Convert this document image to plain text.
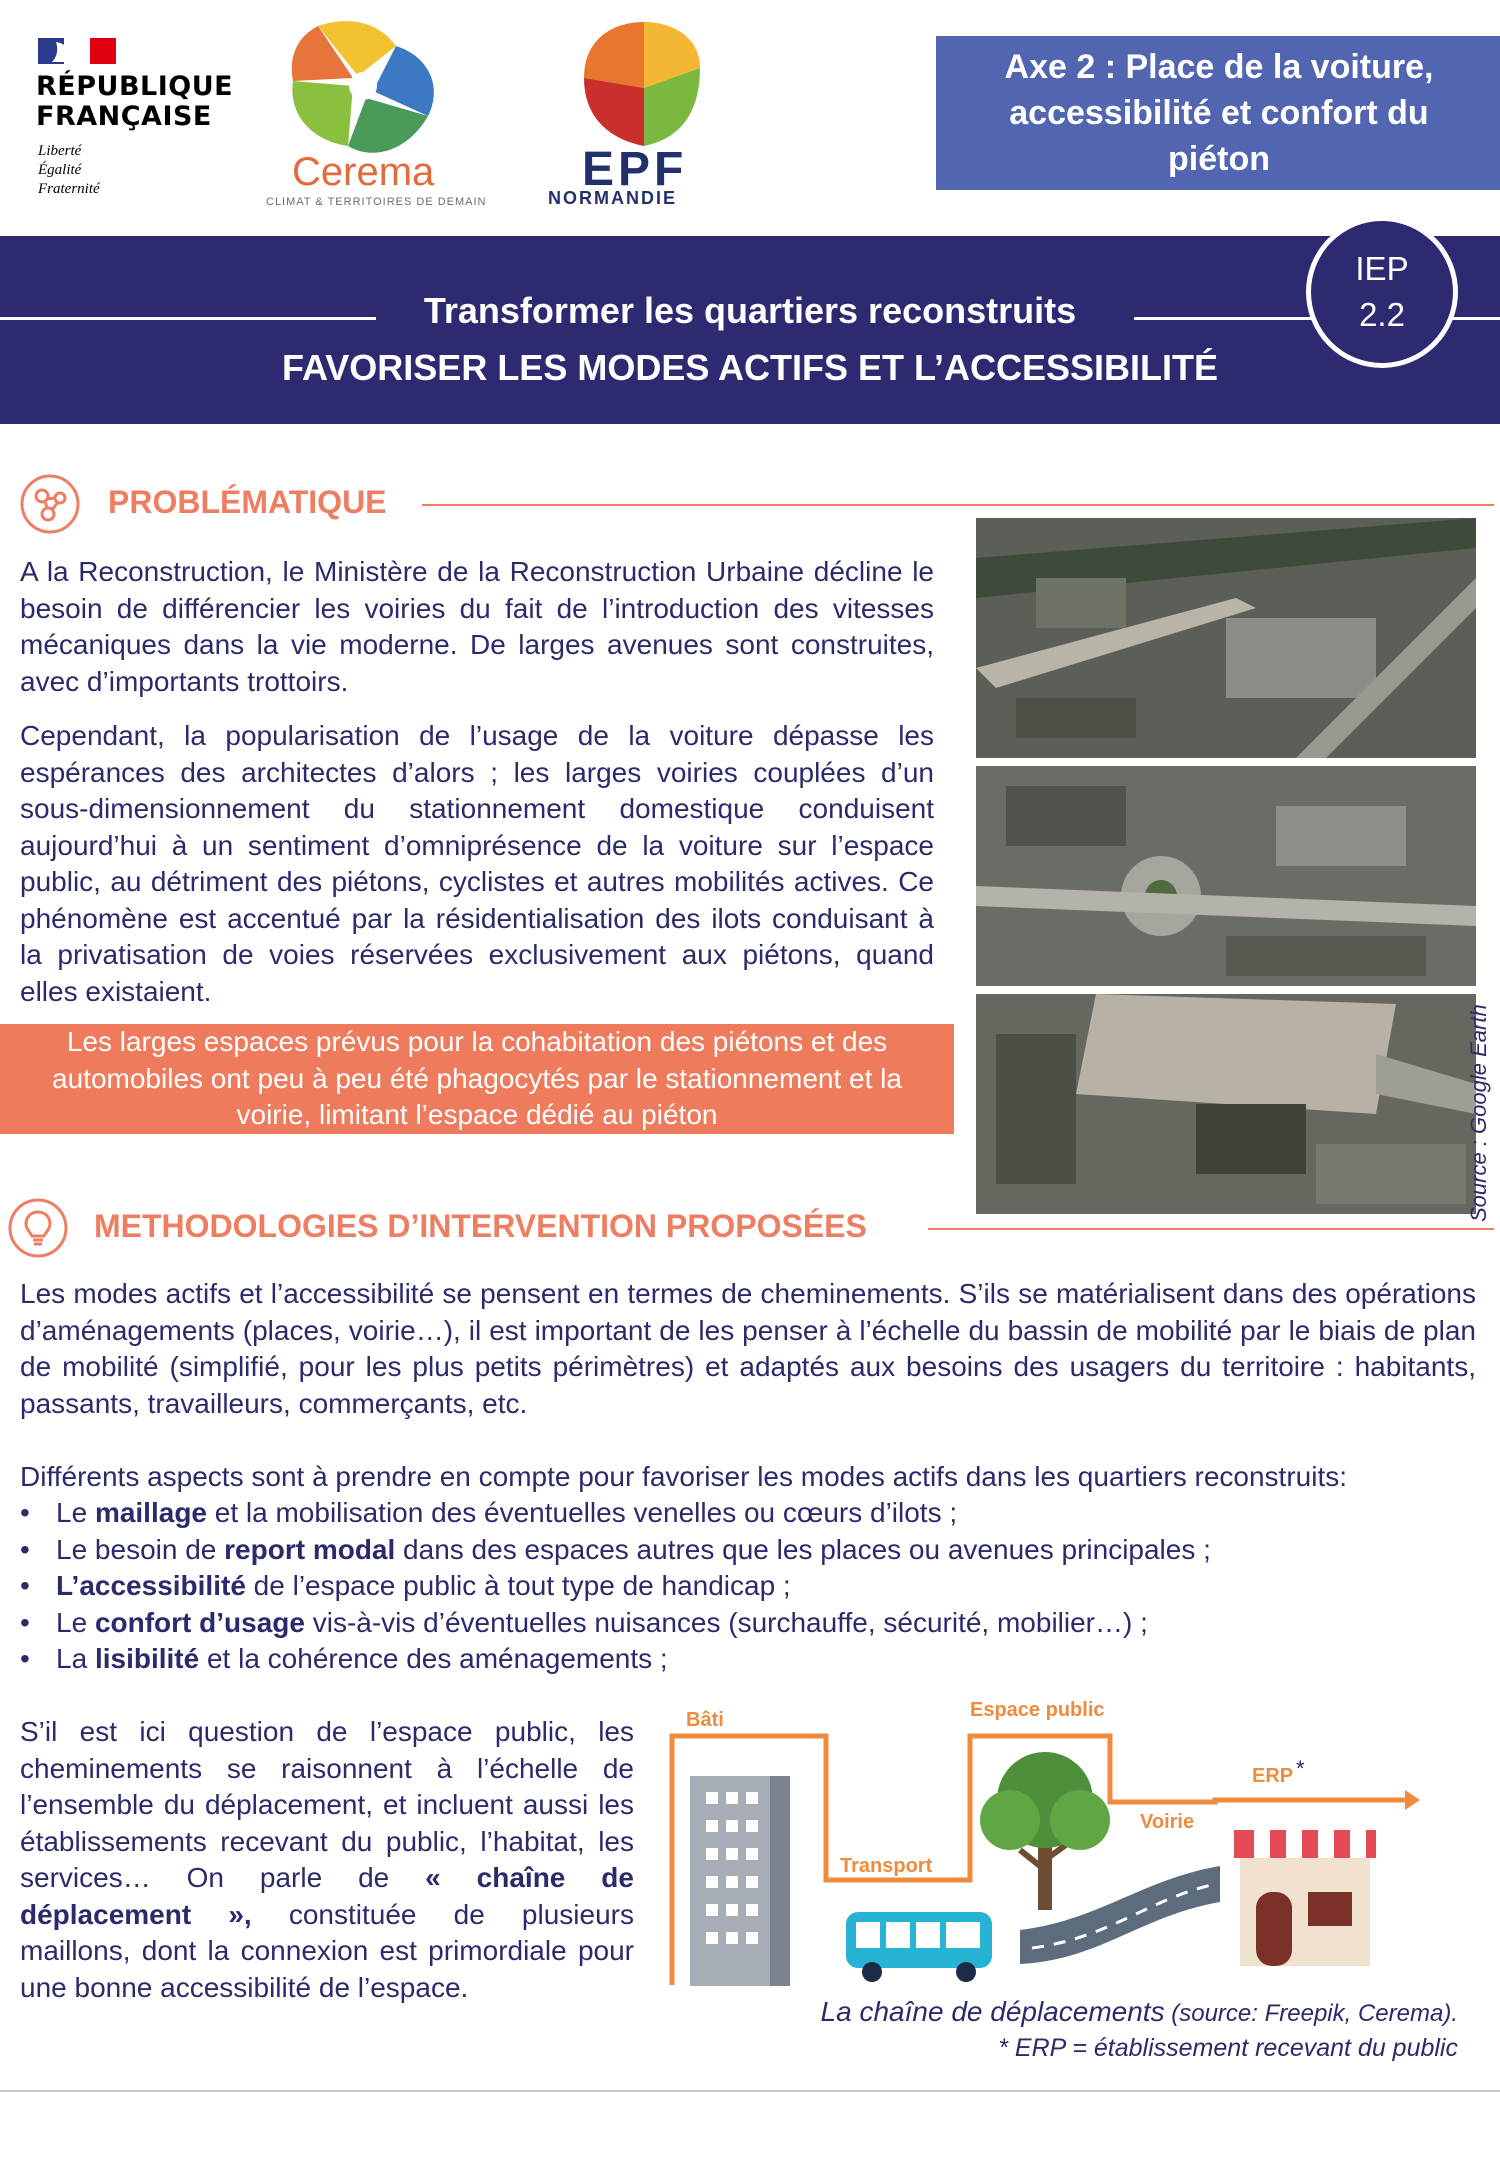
RÉPUBLIQUE
FRANÇAISE
Liberté
Égalité
Fraternité	Cerema
CLIMAT & TERRITOIRES DE DEMAIN
EPF
NORMANDIE
Axe 2 : Place de la voiture,
accessibilité et confort du
piéton
Transformer les quartiers reconstruits
FAVORISER LES MODES ACTIFS ET L’ACCESSIBILITÉ
IEP
2.2
PROBLÉMATIQUE
A la Reconstruction, le Ministère de la Reconstruction Urbaine décline le besoin de différencier les voiries du fait de l’introduction des vitesses mécaniques dans la vie moderne. De larges avenues sont construites, avec d’importants trottoirs.
Cependant, la popularisation de l’usage de la voiture dépasse les espérances des architectes d’alors ; les larges voiries couplées d’un sous-dimensionnement du stationnement domestique conduisent aujourd’hui à un sentiment d’omniprésence de la voiture sur l’espace public, au détriment des piétons, cyclistes et autres mobilités actives. Ce phénomène est accentué par la résidentialisation des ilots conduisant à la privatisation de voies réservées exclusivement aux piétons, quand elles existaient.
Les larges espaces prévus pour la cohabitation des piétons et des automobiles ont peu à peu été phagocytés par le stationnement et la voirie, limitant l’espace dédié au piéton	Source : Google Earth
METHODOLOGIES D’INTERVENTION PROPOSÉES
Les modes actifs et l’accessibilité se pensent en termes de cheminements. S’ils se matérialisent dans des opérations d’aménagements (places, voirie…), il est important de les penser à l’échelle du bassin de mobilité par le biais de plan de mobilité (simplifié, pour les plus petits périmètres) et adaptés aux besoins des usagers du territoire : habitants, passants, travailleurs, commerçants, etc.
Différents aspects sont à prendre en compte pour favoriser les modes actifs dans les quartiers reconstruits:
• Le maillage et la mobilisation des éventuelles venelles ou cœurs d’ilots ;
• Le besoin de report modal dans des espaces autres que les places ou avenues principales ;
• L’accessibilité de l’espace public à tout type de handicap ;
• Le confort d’usage vis-à-vis d’éventuelles nuisances (surchauffe, sécurité, mobilier…) ;
• La lisibilité et la cohérence des aménagements ;
S’il est ici question de l’espace public, les cheminements se raisonnent à l’échelle de l’ensemble du déplacement, et incluent aussi les établissements recevant du public, l’habitat, les services… On parle de « chaîne de déplacement », constituée de plusieurs maillons, dont la connexion est primordiale pour une bonne accessibilité de l’espace.
Bâti
Transport
Espace public
Voirie
ERP *
La chaîne de déplacements (source: Freepik, Cerema).
* ERP = établissement recevant du public
